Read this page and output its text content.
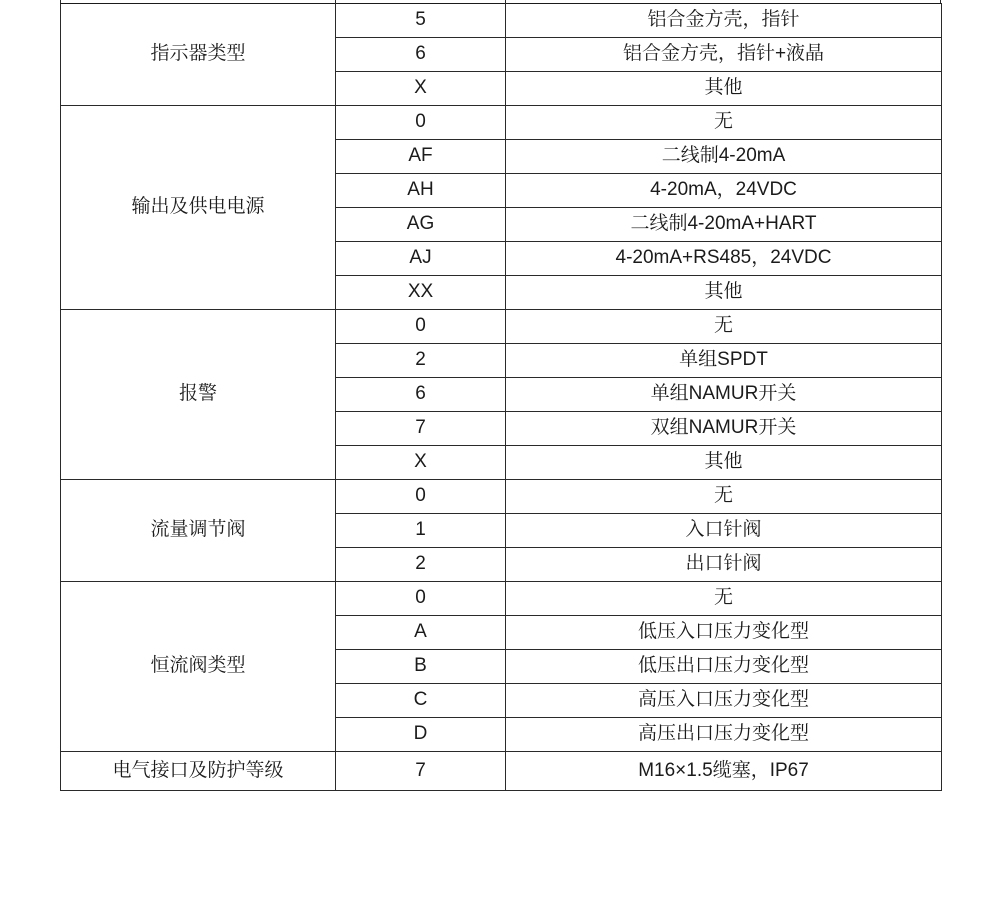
指示器类型	5	铝合金方壳，指针
	6	铝合金方壳，指针+液晶
	X	其他
输出及供电电源	0	无
	AF	二线制4-20mA
	AH	4-20mA，24VDC
	AG	二线制4-20mA+HART
	AJ	4-20mA+RS485，24VDC
	XX	其他
报警	0	无
	2	单组SPDT
	6	单组NAMUR开关
	7	双组NAMUR开关
	X	其他
流量调节阀	0	无
	1	入口针阀
	2	出口针阀
恒流阀类型	0	无
	A	低压入口压力变化型
	B	低压出口压力变化型
	C	高压入口压力变化型
	D	高压出口压力变化型
电气接口及防护等级	7	M16×1.5缆塞，IP67
